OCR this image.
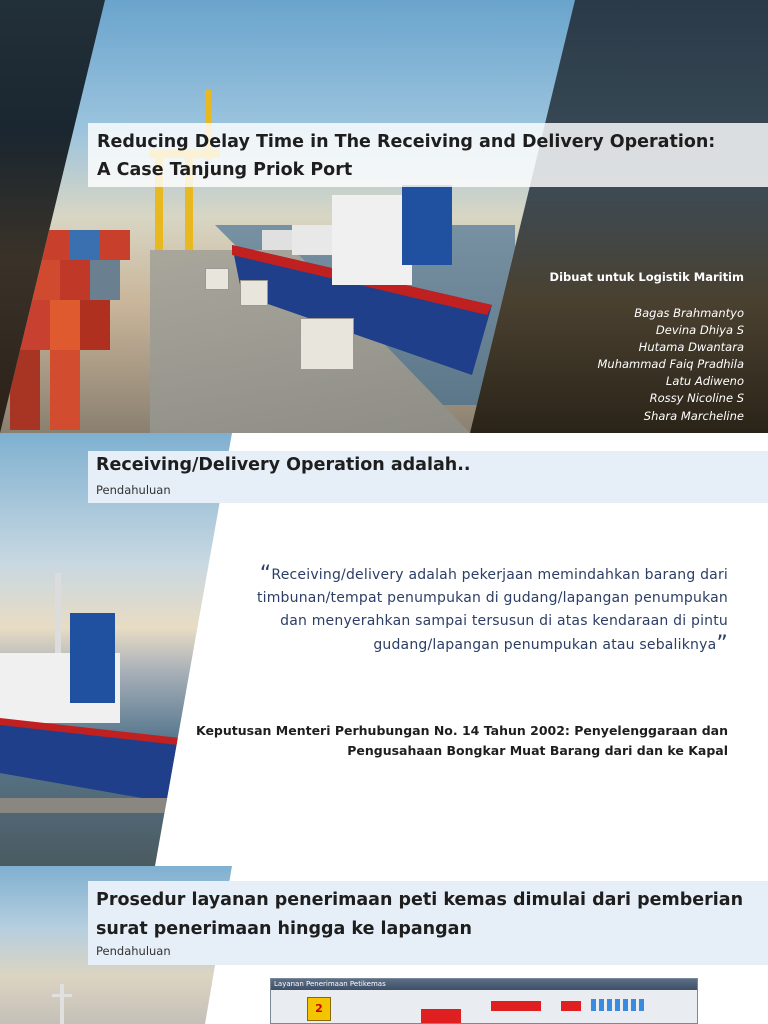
Reducing Delay Time in The Receiving and Delivery Operation:
A Case Tanjung Priok Port

Dibuat untuk Logistik Maritim

Bagas Brahmantyo
Devina Dhiya S
Hutama Dwantara
Muhammad Faiq Pradhila
Latu Adiweno
Rossy Nicoline S
Shara Marcheline
Receiving/Delivery Operation adalah..

Pendahuluan

“Receiving/delivery adalah pekerjaan memindahkan barang dari timbunan/tempat penumpukan di gudang/lapangan penumpukan dan menyerahkan sampai tersusun di atas kendaraan di pintu gudang/lapangan penumpukan atau sebaliknya”

Keputusan Menteri Perhubungan No. 14 Tahun 2002: Penyelenggaraan dan Pengusahaan Bongkar Muat Barang dari dan ke Kapal

Prosedur layanan penerimaan peti kemas dimulai dari pemberian surat penerimaan hingga ke lapangan

Pendahuluan

Layanan Penerimaan Petikemas
2
